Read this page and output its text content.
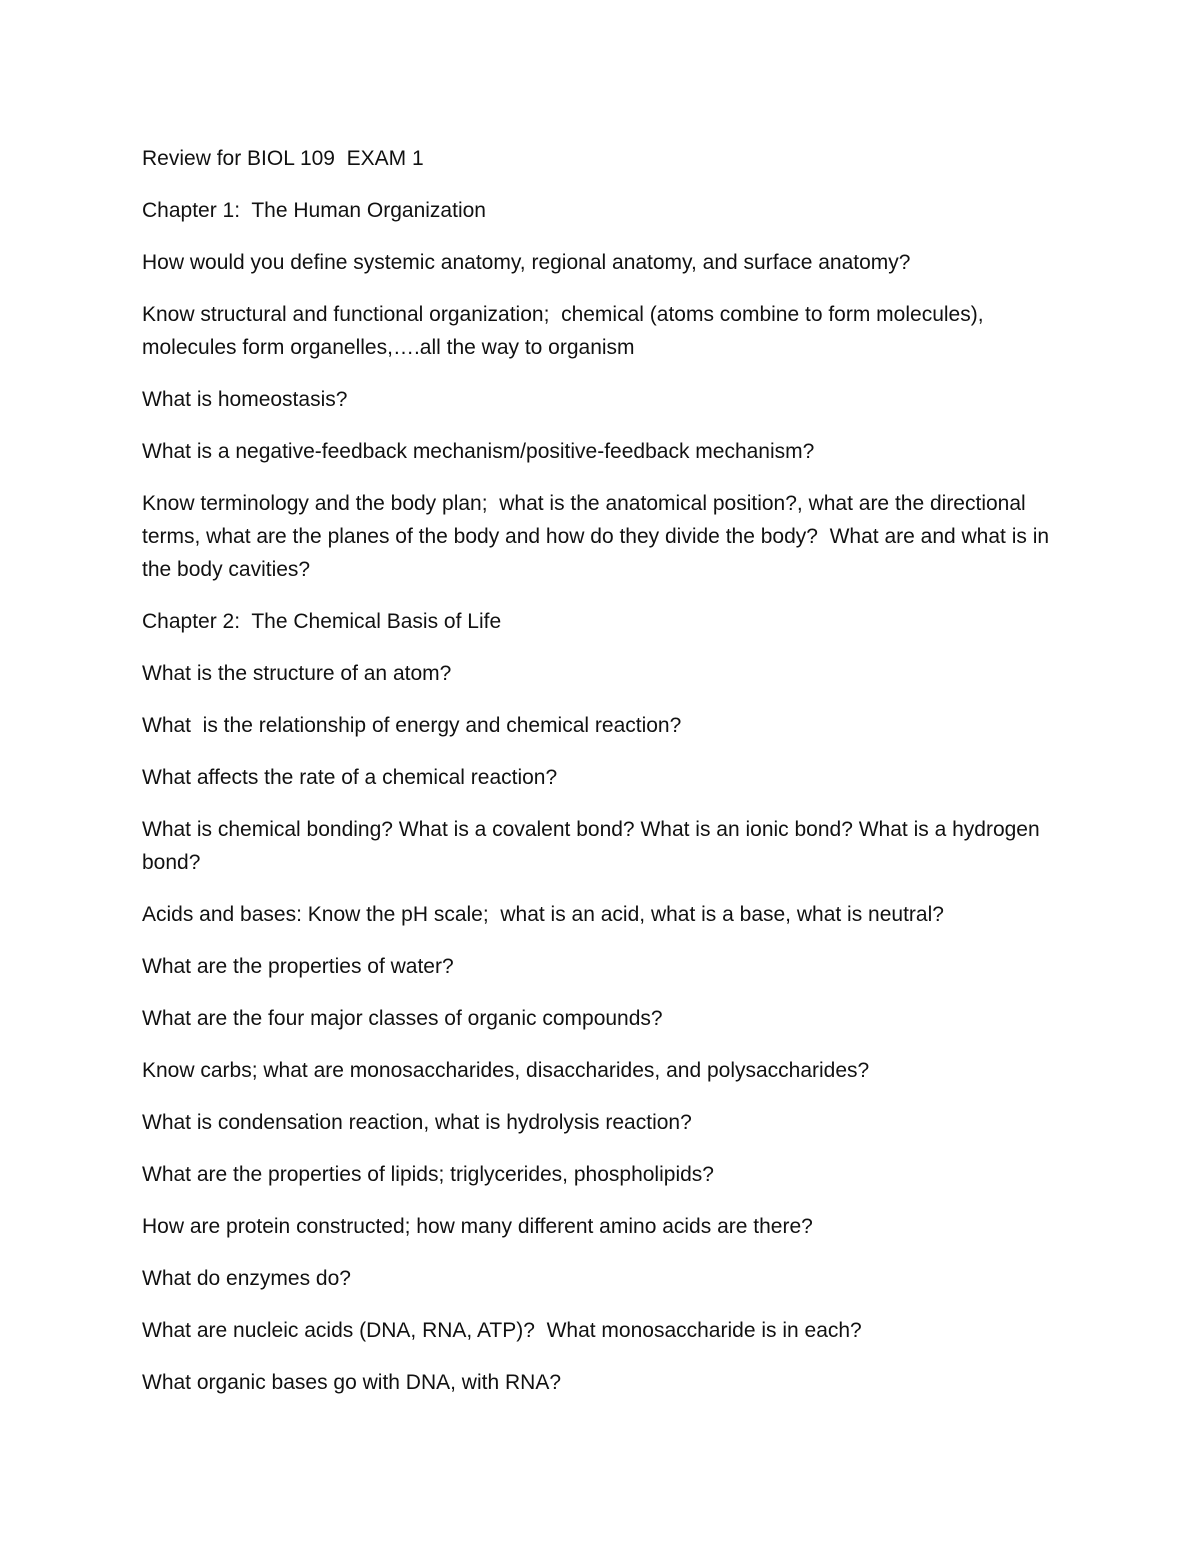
Review for BIOL 109  EXAM 1

Chapter 1:  The Human Organization

How would you define systemic anatomy, regional anatomy, and surface anatomy?

Know structural and functional organization;  chemical (atoms combine to form molecules), molecules form organelles,….all the way to organism

What is homeostasis?

What is a negative-feedback mechanism/positive-feedback mechanism?

Know terminology and the body plan;  what is the anatomical position?, what are the directional terms, what are the planes of the body and how do they divide the body?  What are and what is in the body cavities?

Chapter 2:  The Chemical Basis of Life

What is the structure of an atom?

What  is the relationship of energy and chemical reaction?

What affects the rate of a chemical reaction?

What is chemical bonding? What is a covalent bond? What is an ionic bond? What is a hydrogen bond?

Acids and bases: Know the pH scale;  what is an acid, what is a base, what is neutral?

What are the properties of water?

What are the four major classes of organic compounds?

Know carbs; what are monosaccharides, disaccharides, and polysaccharides?

What is condensation reaction, what is hydrolysis reaction?

What are the properties of lipids; triglycerides, phospholipids?

How are protein constructed; how many different amino acids are there?

What do enzymes do?

What are nucleic acids (DNA, RNA, ATP)?  What monosaccharide is in each?

What organic bases go with DNA, with RNA?
